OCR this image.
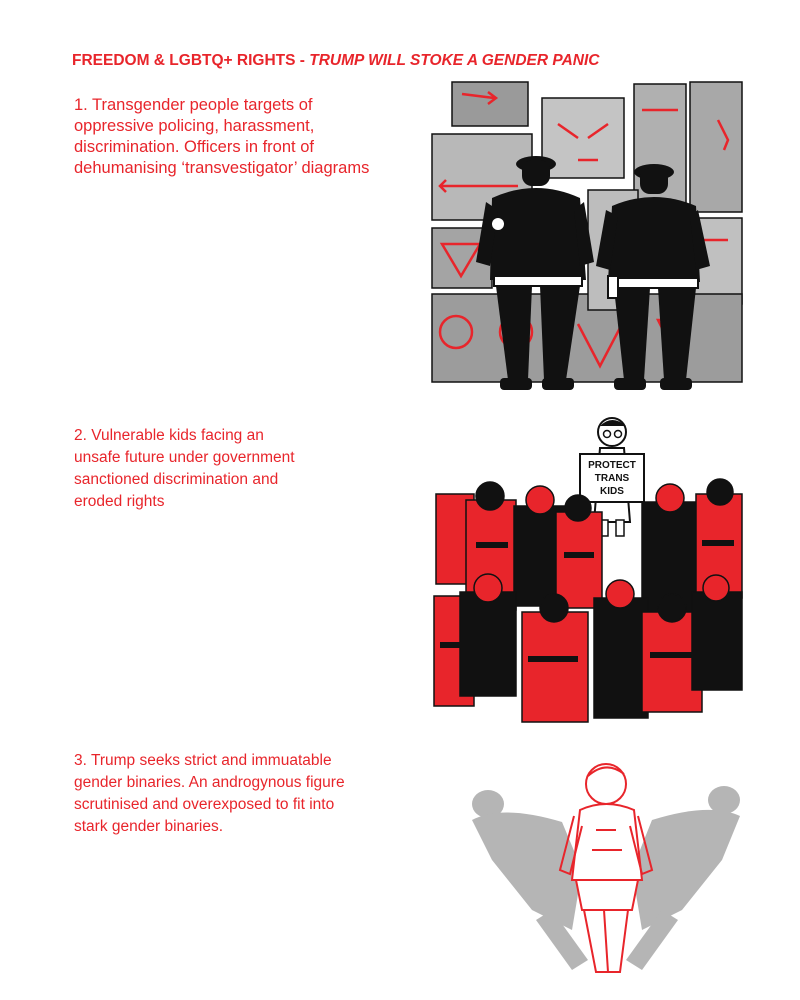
FREEDOM & LGBTQ+ RIGHTS - TRUMP WILL STOKE A GENDER PANIC
1. Transgender people targets of
oppressive policing, harassment,
discrimination. Officers in front of
dehumanising ‘transvestigator’ diagrams
2. Vulnerable kids facing an
unsafe future under government
sanctioned discrimination and
eroded rights
PROTECT
TRANS
KIDS
3. Trump seeks strict and immuatable
gender binaries. An androgynous figure
scrutinised and overexposed to fit into
stark gender binaries.
